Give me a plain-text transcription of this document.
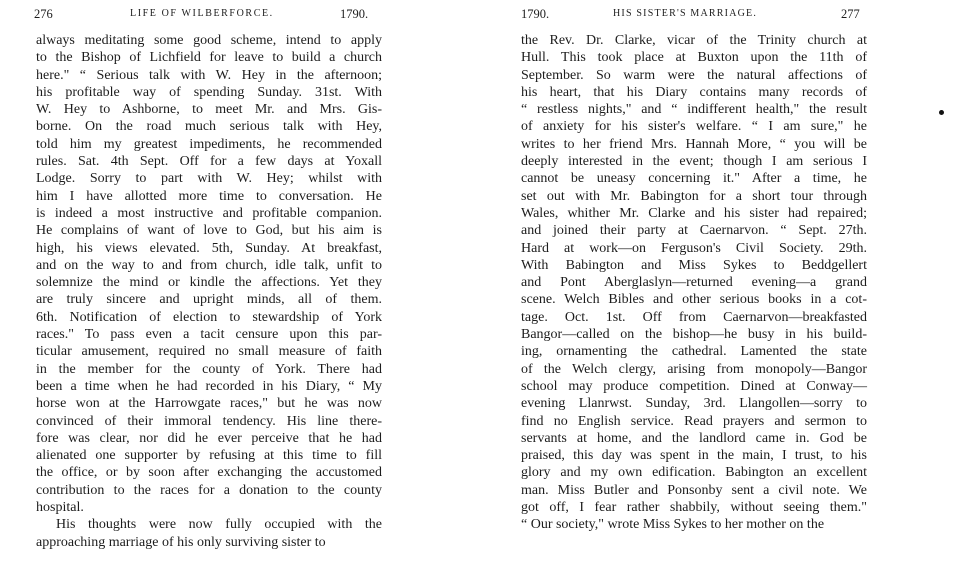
276	LIFE OF WILBERFORCE.	1790.
always meditating some good scheme, intend to apply
to the Bishop of Lichfield for leave to build a church
here." “ Serious talk with W. Hey in the afternoon;
his profitable way of spending Sunday. 31st. With
W. Hey to Ashborne, to meet Mr. and Mrs. Gis-
borne. On the road much serious talk with Hey,
told him my greatest impediments, he recommended
rules. Sat. 4th Sept. Off for a few days at Yoxall
Lodge. Sorry to part with W. Hey; whilst with
him I have allotted more time to conversation. He
is indeed a most instructive and profitable companion.
He complains of want of love to God, but his aim is
high, his views elevated. 5th, Sunday. At breakfast,
and on the way to and from church, idle talk, unfit to
solemnize the mind or kindle the affections. Yet they
are truly sincere and upright minds, all of them.
6th. Notification of election to stewardship of York
races." To pass even a tacit censure upon this par-
ticular amusement, required no small measure of faith
in the member for the county of York. There had
been a time when he had recorded in his Diary, “ My
horse won at the Harrowgate races," but he was now
convinced of their immoral tendency. His line there-
fore was clear, nor did he ever perceive that he had
alienated one supporter by refusing at this time to fill
the office, or by soon after exchanging the accustomed
contribution to the races for a donation to the county
hospital.
His thoughts were now fully occupied with the
approaching marriage of his only surviving sister to
1790.	HIS SISTER'S MARRIAGE.	277
the Rev. Dr. Clarke, vicar of the Trinity church at
Hull. This took place at Buxton upon the 11th of
September. So warm were the natural affections of
his heart, that his Diary contains many records of
“ restless nights," and “ indifferent health," the result
of anxiety for his sister's welfare. “ I am sure," he
writes to her friend Mrs. Hannah More, “ you will be
deeply interested in the event; though I am serious I
cannot be uneasy concerning it." After a time, he
set out with Mr. Babington for a short tour through
Wales, whither Mr. Clarke and his sister had repaired;
and joined their party at Caernarvon. “ Sept. 27th.
Hard at work—on Ferguson's Civil Society. 29th.
With Babington and Miss Sykes to Beddgellert
and Pont Aberglaslyn—returned evening—a grand
scene. Welch Bibles and other serious books in a cot-
tage. Oct. 1st. Off from Caernarvon—breakfasted
Bangor—called on the bishop—he busy in his build-
ing, ornamenting the cathedral. Lamented the state
of the Welch clergy, arising from monopoly—Bangor
school may produce competition. Dined at Conway—
evening Llanrwst. Sunday, 3rd. Llangollen—sorry to
find no English service. Read prayers and sermon to
servants at home, and the landlord came in. God be
praised, this day was spent in the main, I trust, to his
glory and my own edification. Babington an excellent
man. Miss Butler and Ponsonby sent a civil note. We
got off, I fear rather shabbily, without seeing them."
“ Our society," wrote Miss Sykes to her mother on the
